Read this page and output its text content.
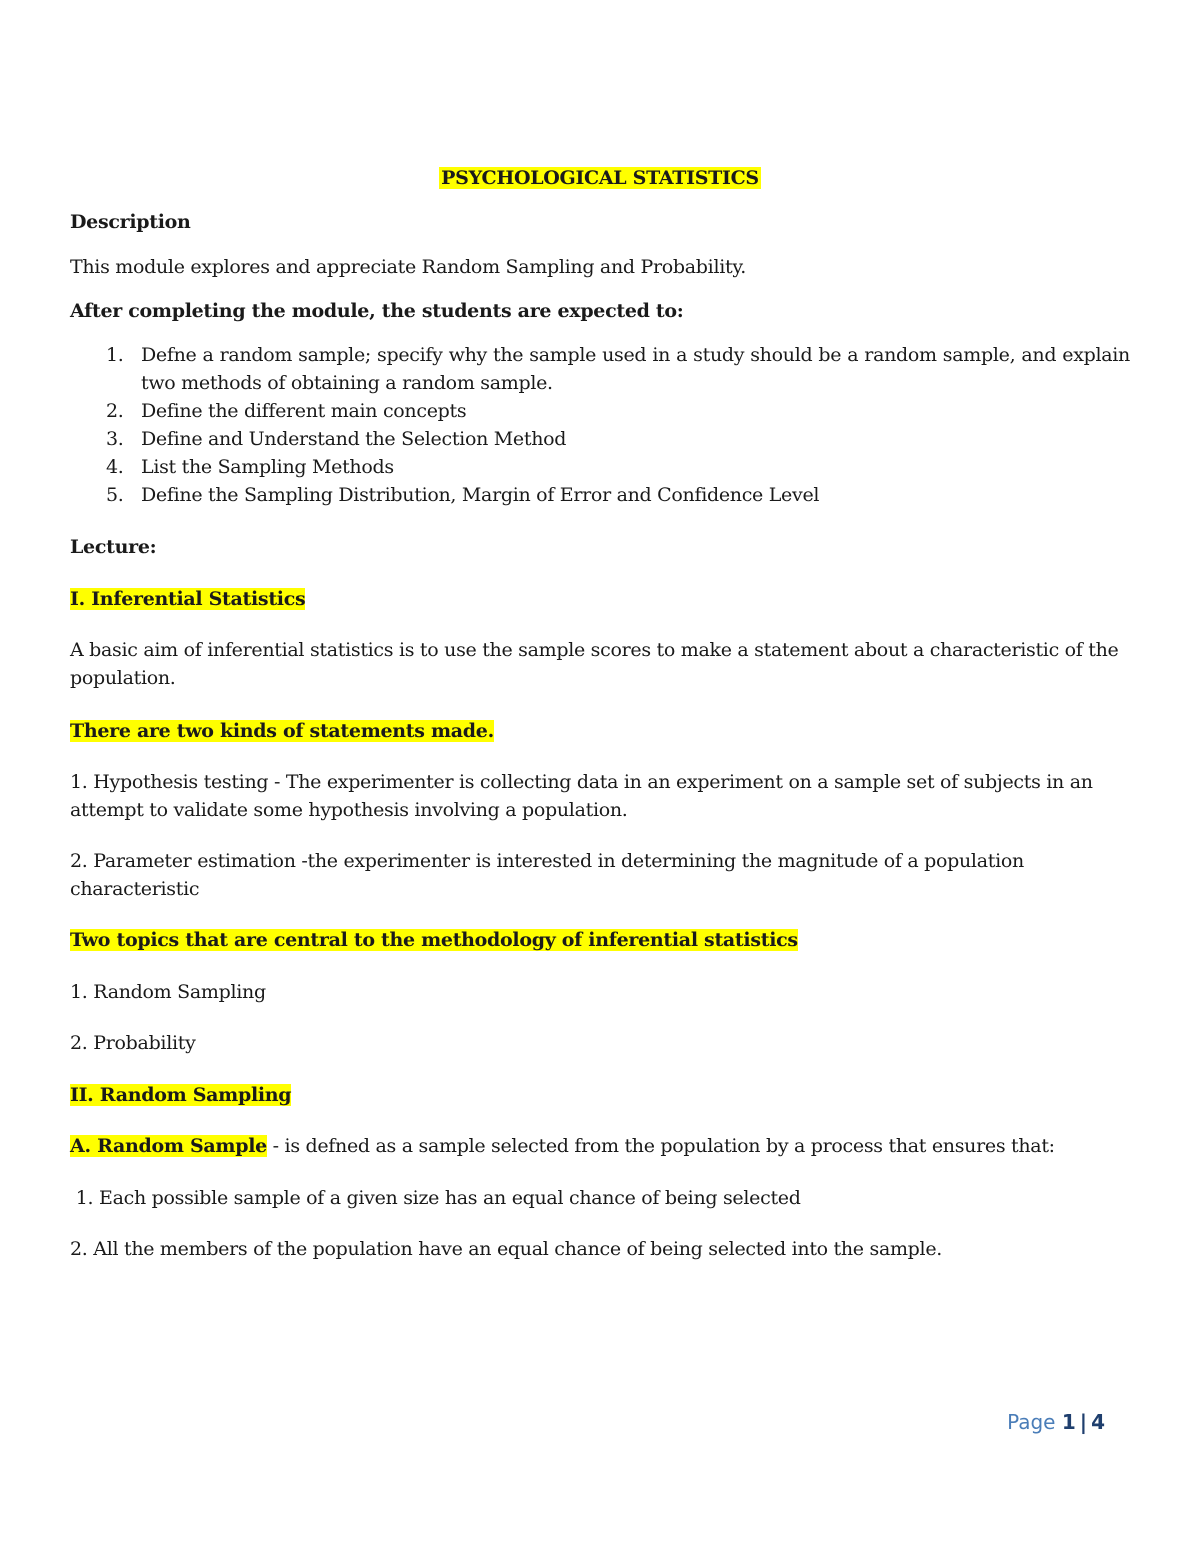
PSYCHOLOGICAL STATISTICS

Description

This module explores and appreciate Random Sampling and Probability.

After completing the module, the students are expected to:

1. Defne a random sample; specify why the sample used in a study should be a random sample, and explain two methods of obtaining a random sample.
2. Define the different main concepts
3. Define and Understand the Selection Method
4. List the Sampling Methods
5. Define the Sampling Distribution, Margin of Error and Confidence Level

Lecture:

I. Inferential Statistics

A basic aim of inferential statistics is to use the sample scores to make a statement about a characteristic of the population.

There are two kinds of statements made.

1. Hypothesis testing - The experimenter is collecting data in an experiment on a sample set of subjects in an attempt to validate some hypothesis involving a population.

2. Parameter estimation -the experimenter is interested in determining the magnitude of a population characteristic

Two topics that are central to the methodology of inferential statistics

1. Random Sampling

2. Probability

II. Random Sampling

A. Random Sample - is defned as a sample selected from the population by a process that ensures that:

1. Each possible sample of a given size has an equal chance of being selected

2. All the members of the population have an equal chance of being selected into the sample.

Page 1 | 4
